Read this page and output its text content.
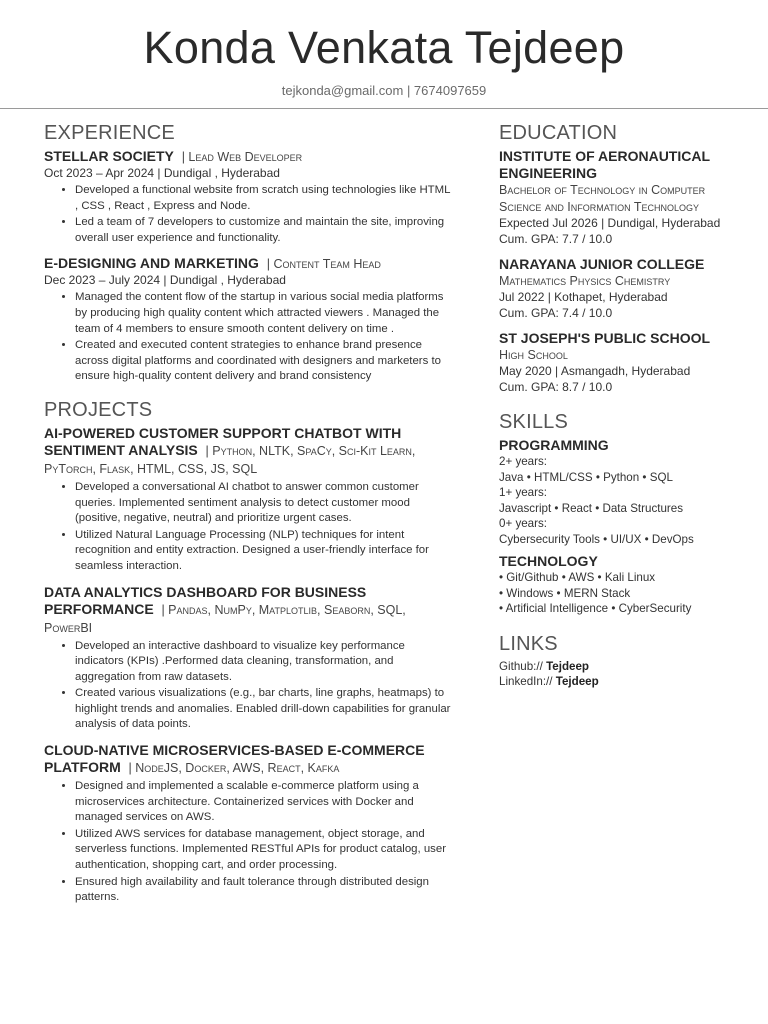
Konda Venkata Tejdeep
tejkonda@gmail.com | 7674097659
EXPERIENCE
STELLAR SOCIETY | Lead Web Developer
Oct 2023 – Apr 2024 | Dundigal , Hyderabad
• Developed a functional website from scratch using technologies like HTML , CSS , React , Express and Node.
• Led a team of 7 developers to customize and maintain the site, improving overall user experience and functionality.
E-DESIGNING AND MARKETING | Content Team Head
Dec 2023 – July 2024 | Dundigal , Hyderabad
• Managed the content flow of the startup in various social media platforms by producing high quality content which attracted viewers . Managed the team of 4 members to ensure smooth content delivery on time .
• Created and executed content strategies to enhance brand presence across digital platforms and coordinated with designers and marketers to ensure high-quality content delivery and brand consistency
PROJECTS
AI-POWERED CUSTOMER SUPPORT CHATBOT WITH SENTIMENT ANALYSIS | Python, NLTK, SpaCy, Sci-Kit Learn, PyTorch, Flask, HTML, CSS, JS, SQL
• Developed a conversational AI chatbot to answer common customer queries. Implemented sentiment analysis to detect customer mood (positive, negative, neutral) and prioritize urgent cases.
• Utilized Natural Language Processing (NLP) techniques for intent recognition and entity extraction. Designed a user-friendly interface for seamless interaction.
DATA ANALYTICS DASHBOARD FOR BUSINESS PERFORMANCE | Pandas, NumPy, Matplotlib, Seaborn, SQL, PowerBI
• Developed an interactive dashboard to visualize key performance indicators (KPIs) .Performed data cleaning, transformation, and aggregation from raw datasets.
• Created various visualizations (e.g., bar charts, line graphs, heatmaps) to highlight trends and anomalies. Enabled drill-down capabilities for granular analysis of data points.
CLOUD-NATIVE MICROSERVICES-BASED E-COMMERCE PLATFORM | NodeJS, Docker, AWS, React, Kafka
• Designed and implemented a scalable e-commerce platform using a microservices architecture. Containerized services with Docker and managed services on AWS.
• Utilized AWS services for database management, object storage, and serverless functions. Implemented RESTful APIs for product catalog, user authentication, shopping cart, and order processing.
• Ensured high availability and fault tolerance through distributed design patterns.
EDUCATION
INSTITUTE OF AERONAUTICAL ENGINEERING
Bachelor of Technology in Computer Science and Information Technology
Expected Jul 2026 | Dundigal, Hyderabad
Cum. GPA: 7.7 / 10.0
NARAYANA JUNIOR COLLEGE
Mathematics Physics Chemistry
Jul 2022 | Kothapet, Hyderabad
Cum. GPA: 7.4 / 10.0
ST JOSEPH'S PUBLIC SCHOOL
High School
May 2020 | Asmangadh, Hyderabad
Cum. GPA: 8.7 / 10.0
SKILLS
PROGRAMMING
2+ years:
Java • HTML/CSS • Python • SQL
1+ years:
Javascript • React • Data Structures
0+ years:
Cybersecurity Tools • UI/UX • DevOps
TECHNOLOGY
• Git/Github • AWS • Kali Linux
• Windows • MERN Stack
• Artificial Intelligence • CyberSecurity
LINKS
Github:// Tejdeep
LinkedIn:// Tejdeep
